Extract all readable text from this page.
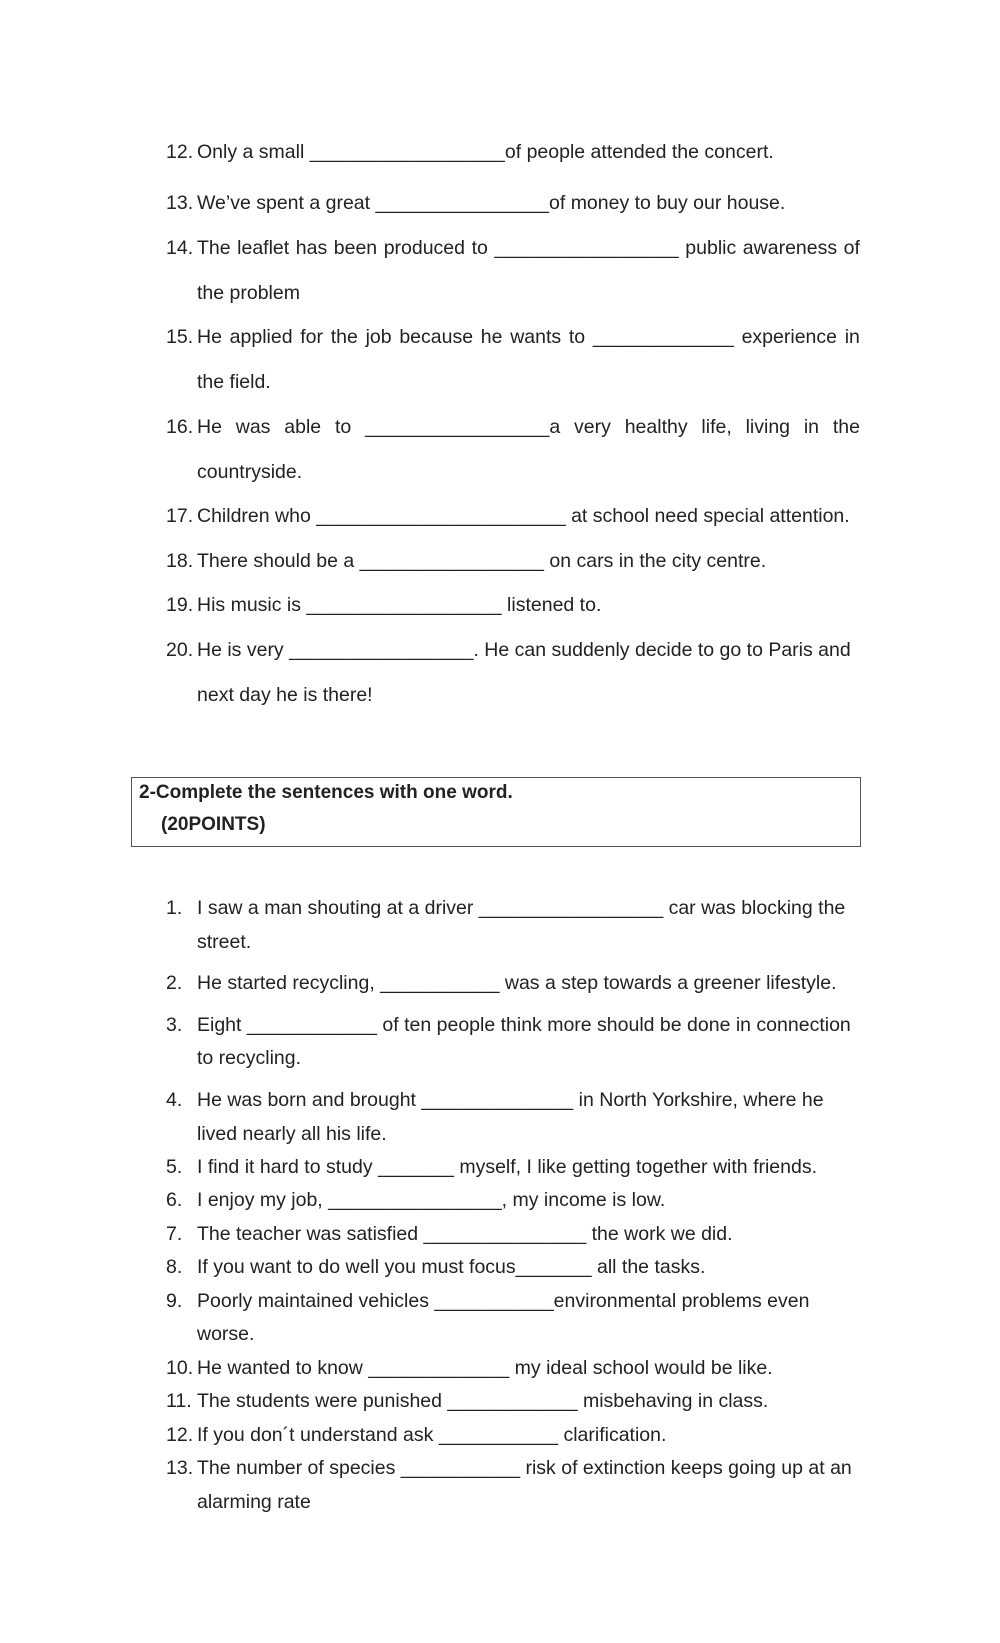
12. Only a small __________________of people attended the concert.
13. We’ve spent a great ________________of money to buy our house.
14. The leaflet has been produced to _________________ public awareness of
the problem
15. He applied for the job because he wants to _____________ experience in
the field.
16. He was able to _________________a very healthy life, living in the
countryside.
17. Children who _______________________ at school need special attention.
18. There should be a _________________ on cars in the city centre.
19. His music is __________________ listened to.
20. He is very _________________. He can suddenly decide to go to Paris and
next day he is there!
2-Complete the sentences with one word.
(20POINTS)
1. I saw a man shouting at a driver _________________ car was blocking the
street.
2. He started recycling, ___________ was a step towards a greener lifestyle.
3. Eight ____________ of ten people think more should be done in connection
to recycling.
4. He was born and brought ______________ in North Yorkshire, where he
lived nearly all his life.
5. I find it hard to study _______ myself, I like getting together with friends.
6. I enjoy my job, ________________, my income is low.
7. The teacher was satisfied _______________ the work we did.
8. If you want to do well you must focus_______ all the tasks.
9. Poorly maintained vehicles ___________environmental problems even
worse.
10. He wanted to know _____________ my ideal school would be like.
11. The students were punished ____________ misbehaving in class.
12. If you don´t understand ask ___________ clarification.
13. The number of species ___________ risk of extinction keeps going up at an
alarming rate
